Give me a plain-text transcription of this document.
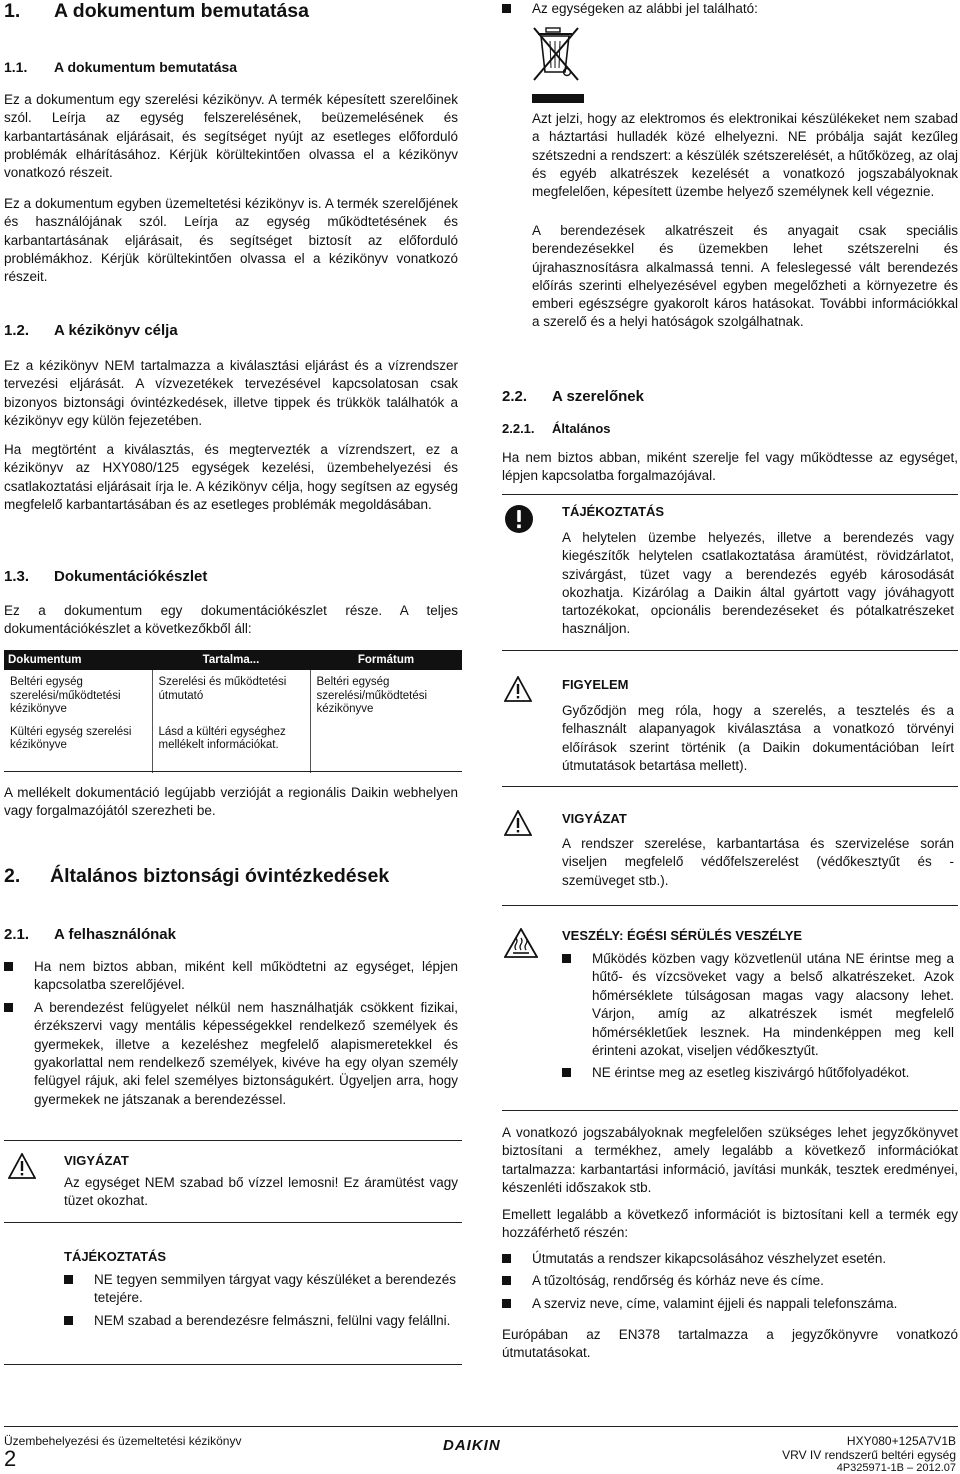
1. A dokumentum bemutatása
1.1. A dokumentum bemutatása

Ez a dokumentum egy szerelési kézikönyv. A termék képesített szerelőinek szól. Leírja az egység felszerelésének, beüzemelésének és karbantartásának eljárásait, és segítséget nyújt az esetleges előforduló problémák elhárításához. Kérjük körültekintően olvassa el a kézikönyv vonatkozó részeit.

Ez a dokumentum egyben üzemeltetési kézikönyv is. A termék szerelőjének és használójának szól. Leírja az egység működtetésének és karbantartásának eljárásait, és segítséget biztosít az előforduló problémákhoz. Kérjük körültekintően olvassa el a kézikönyv vonatkozó részeit.

1.2. A kézikönyv célja

Ez a kézikönyv NEM tartalmazza a kiválasztási eljárást és a vízrendszer tervezési eljárását. A vízvezetékek tervezésével kapcsolatosan csak bizonyos biztonsági óvintézkedések, illetve tippek és trükkök találhatók a kézikönyv egy külön fejezetében.

Ha megtörtént a kiválasztás, és megtervezték a vízrendszert, ez a kézikönyv az HXY080/125 egységek kezelési, üzembehelyezési és csatlakoztatási eljárásait írja le. A kézikönyv célja, hogy segítsen az egység megfelelő karbantartásában és az esetleges problémák megoldásában.

1.3. Dokumentációkészlet

Ez a dokumentum egy dokumentációkészlet része. A teljes dokumentációkészlet a következőkből áll:

Dokumentum	Tartalma...	Formátum
Beltéri egység szerelési/működtetési kézikönyve	Szerelési és működtetési útmutató	Beltéri egység szerelési/működtetési kézikönyve
Kültéri egység szerelési kézikönyve	Lásd a kültéri egységhez mellékelt információkat.	

A mellékelt dokumentáció legújabb verzióját a regionális Daikin webhelyen vagy forgalmazójától szerezheti be.

2. Általános biztonsági óvintézkedések
2.1. A felhasználónak
Ha nem biztos abban, miként kell működtetni az egységet, lépjen kapcsolatba szerelőjével.
A berendezést felügyelet nélkül nem használhatják csökkent fizikai, érzékszervi vagy mentális képességekkel rendelkező személyek és gyermekek, illetve a kezeléshez megfelelő alapismeretekkel és gyakorlattal nem rendelkező személyek, kivéve ha egy olyan személy felügyel rájuk, aki felel személyes biztonságukért. Ügyeljen arra, hogy gyermekek ne játszanak a berendezéssel.
VIGYÁZAT

Az egységet NEM szabad bő vízzel lemosni! Ez áramütést vagy tüzet okozhat.

TÁJÉKOZTATÁS
NE tegyen semmilyen tárgyat vagy készüléket a berendezés tetejére.
NEM szabad a berendezésre felmászni, felülni vagy felállni.
Az egységeken az alábbi jel található:

Azt jelzi, hogy az elektromos és elektronikai készülékeket nem szabad a háztartási hulladék közé elhelyezni. NE próbálja saját kezűleg szétszedni a rendszert: a készülék szétszerelését, a hűtőközeg, az olaj és egyéb alkatrészek kezelését a vonatkozó jogszabályoknak megfelelően, képesített üzembe helyező személynek kell végeznie.

A berendezések alkatrészeit és anyagait csak speciális berendezésekkel és üzemekben lehet szétszerelni és újrahasznosításra alkalmassá tenni. A feleslegessé vált berendezés előírás szerinti elhelyezésével egyben megelőzheti a környezetre és emberi egészségre gyakorolt káros hatásokat. További információkkal a szerelő és a helyi hatóságok szolgálhatnak.

2.2. A szerelőnek
2.2.1. Általános

Ha nem biztos abban, miként szerelje fel vagy működtesse az egységet, lépjen kapcsolatba forgalmazójával.

TÁJÉKOZTATÁS

A helytelen üzembe helyezés, illetve a berendezés vagy kiegészítők helytelen csatlakoztatása áramütést, rövidzárlatot, szivárgást, tüzet vagy a berendezés egyéb károsodását okozhatja. Kizárólag a Daikin által gyártott vagy jóváhagyott tartozékokat, opcionális berendezéseket és pótalkatrészeket használjon.

FIGYELEM

Győződjön meg róla, hogy a szerelés, a tesztelés és a felhasznált alapanyagok kiválasztása a vonatkozó törvényi előírások szerint történik (a Daikin dokumentációban leírt útmutatások betartása mellett).

VIGYÁZAT

A rendszer szerelése, karbantartása és szervizelése során viseljen megfelelő védőfelszerelést (védőkesztyűt és -szemüveget stb.).

VESZÉLY: ÉGÉSI SÉRÜLÉS VESZÉLYE
Működés közben vagy közvetlenül utána NE érintse meg a hűtő- és vízcsöveket vagy a belső alkatrészeket. Azok hőmérséklete túlságosan magas vagy alacsony lehet. Várjon, amíg az alkatrészek ismét megfelelő hőmérsékletűek lesznek. Ha mindenképpen meg kell érinteni azokat, viseljen védőkesztyűt.
NE érintse meg az esetleg kiszivárgó hűtőfolyadékot.

A vonatkozó jogszabályoknak megfelelően szükséges lehet jegyzőkönyvet biztosítani a termékhez, amely legalább a következő információkat tartalmazza: karbantartási információ, javítási munkák, tesztek eredményei, készenléti időszakok stb.

Emellett legalább a következő információt is biztosítani kell a termék egy hozzáférhető részén:

Útmutatás a rendszer kikapcsolásához vészhelyzet esetén.
A tűzoltóság, rendőrség és kórház neve és címe.
A szerviz neve, címe, valamint éjjeli és nappali telefonszáma.

Európában az EN378 tartalmazza a jegyzőkönyvre vonatkozó útmutatásokat.

Üzembehelyezési és üzemeltetési kézikönyv
2
DAIKIN	HXY080+125A7V1B
VRV IV rendszerű beltéri egység
4P325971-1B – 2012.07
